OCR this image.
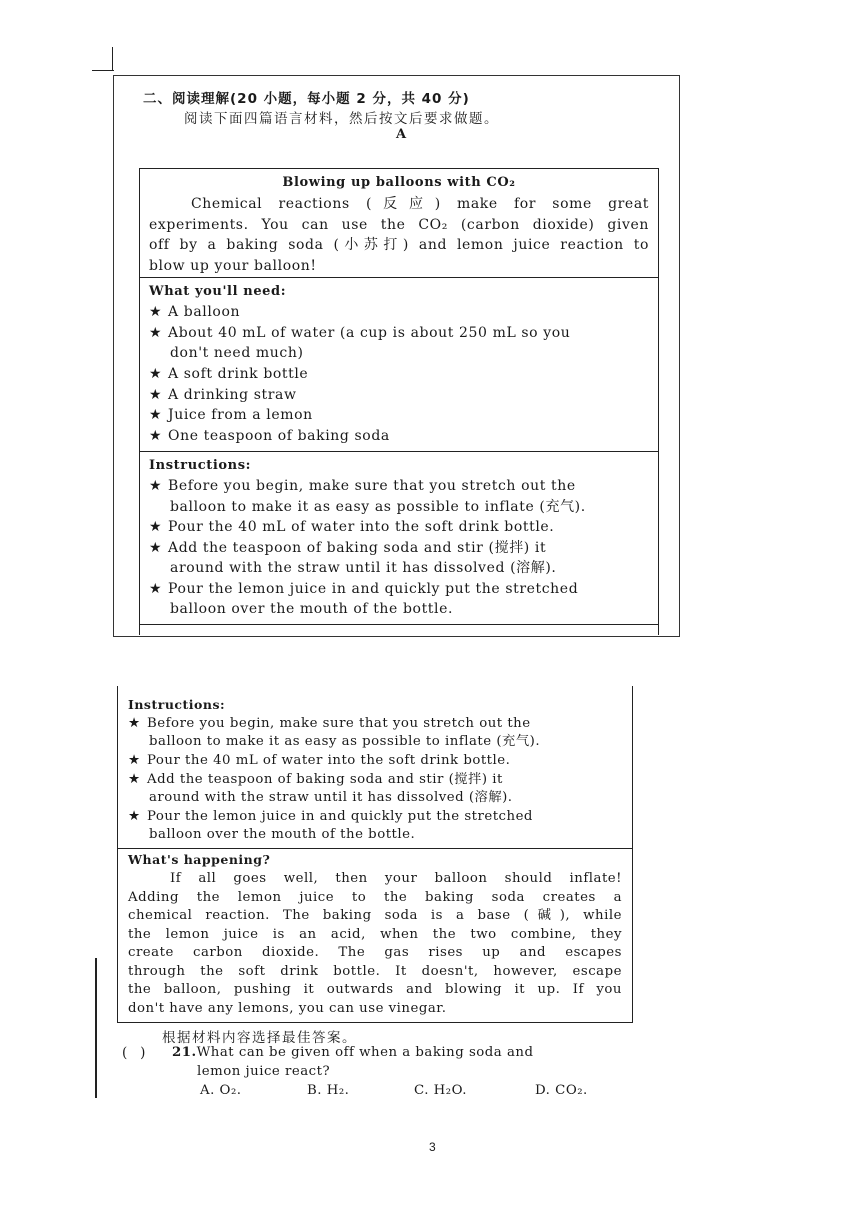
二、阅读理解(20 小题，每小题 2 分，共 40 分)
阅读下面四篇语言材料，然后按文后要求做题。
A
Blowing up balloons with CO₂
Chemical reactions (反应) make for some great
experiments. You can use the CO₂ (carbon dioxide) given
off by a baking soda (小苏打) and lemon juice reaction to
blow up your balloon!
What you'll need:
★ A balloon
★ About 40 mL of water (a cup is about 250 mL so you
don't need much)
★ A soft drink bottle
★ A drinking straw
★ Juice from a lemon
★ One teaspoon of baking soda
Instructions:
★ Before you begin, make sure that you stretch out the
balloon to make it as easy as possible to inflate (充气).
★ Pour the 40 mL of water into the soft drink bottle.
★ Add the teaspoon of baking soda and stir (搅拌) it
around with the straw until it has dissolved (溶解).
★ Pour the lemon juice in and quickly put the stretched
balloon over the mouth of the bottle.
Instructions:
★ Before you begin, make sure that you stretch out the
balloon to make it as easy as possible to inflate (充气).
★ Pour the 40 mL of water into the soft drink bottle.
★ Add the teaspoon of baking soda and stir (搅拌) it
around with the straw until it has dissolved (溶解).
★ Pour the lemon juice in and quickly put the stretched
balloon over the mouth of the bottle.
What's happening?
If all goes well, then your balloon should inflate!
Adding the lemon juice to the baking soda creates a
chemical reaction. The baking soda is a base (碱), while
the lemon juice is an acid, when the two combine, they
create carbon dioxide. The gas rises up and escapes
through the soft drink bottle. It doesn't, however, escape
the balloon, pushing it outwards and blowing it up. If you
don't have any lemons, you can use vinegar.
根据材料内容选择最佳答案。
(   ) 21.What can be given off when a baking soda and
lemon juice react?
A. O₂.	B. H₂.	C. H₂O.	D. CO₂.
3
